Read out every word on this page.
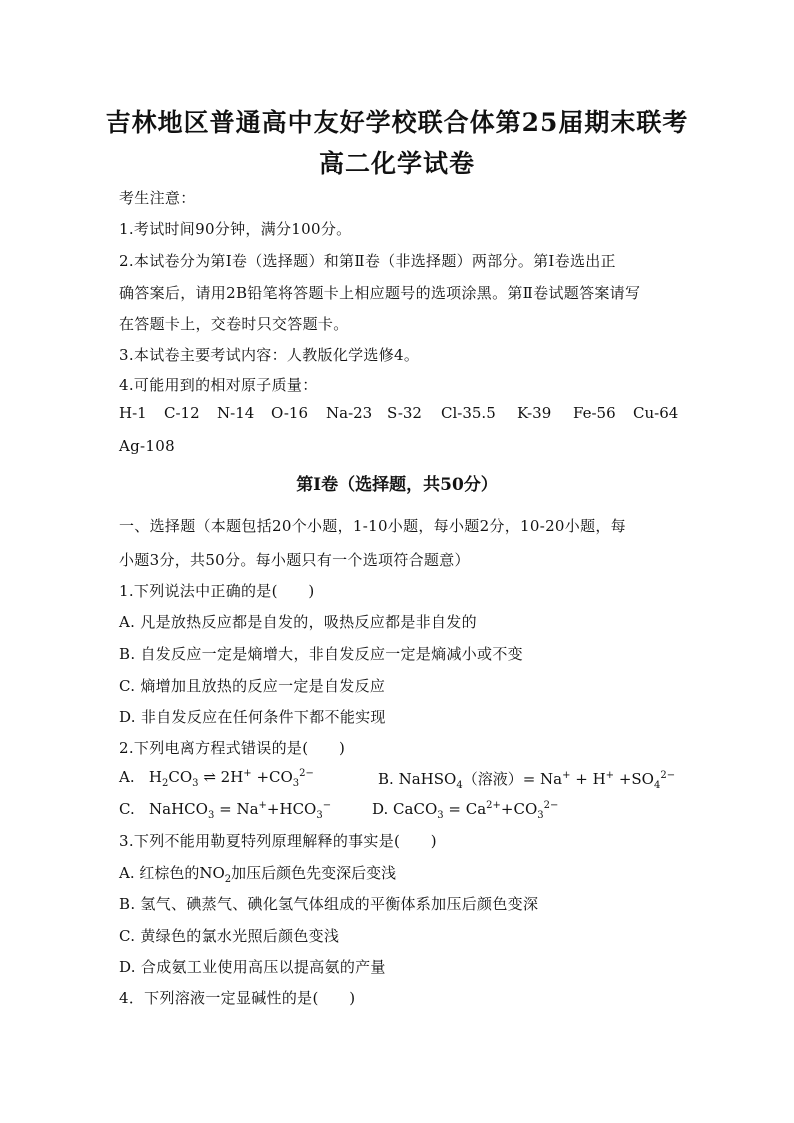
吉林地区普通高中友好学校联合体第25届期末联考
高二化学试卷
考生注意：
1.考试时间90分钟，满分100分。
2.本试卷分为第Ⅰ卷（选择题）和第Ⅱ卷（非选择题）两部分。第Ⅰ卷选出正
确答案后，请用2B铅笔将答题卡上相应题号的选项涂黑。第Ⅱ卷试题答案请写
在答题卡上，交卷时只交答题卡。
3.本试卷主要考试内容：人教版化学选修4。
4.可能用到的相对原子质量：
H-1 C-12 N-14 O-16 Na-23 S-32 Cl-35.5 K-39 Fe-56 Cu-64
Ag-108
第Ⅰ卷（选择题，共50分）
一、选择题（本题包括20个小题，1-10小题，每小题2分，10-20小题，每
小题3分，共50分。每小题只有一个选项符合题意）
1.下列说法中正确的是(　　)
A. 凡是放热反应都是自发的，吸热反应都是非自发的
B. 自发反应一定是熵增大，非自发反应一定是熵减小或不变
C. 熵增加且放热的反应一定是自发反应
D. 非自发反应在任何条件下都不能实现
2.下列电离方程式错误的是(　　)
A. $H_2CO_3$ ⇌ $2H^+ +CO_3^{2-}$	B. NaHSO$_4$（溶液）= $Na^+ + H^+ +SO_4^{2-}$
C. NaHCO$_3$ = $Na^++HCO_3^-$	D. CaCO$_3$ = $Ca^{2+}+CO_3^{2-}$
3.下列不能用勒夏特列原理解释的事实是(　　)
A. 红棕色的$NO_2$加压后颜色先变深后变浅
B. 氢气、碘蒸气、碘化氢气体组成的平衡体系加压后颜色变深
C. 黄绿色的氯水光照后颜色变浅
D. 合成氨工业使用高压以提高氨的产量
4．下列溶液一定显碱性的是(　　)
